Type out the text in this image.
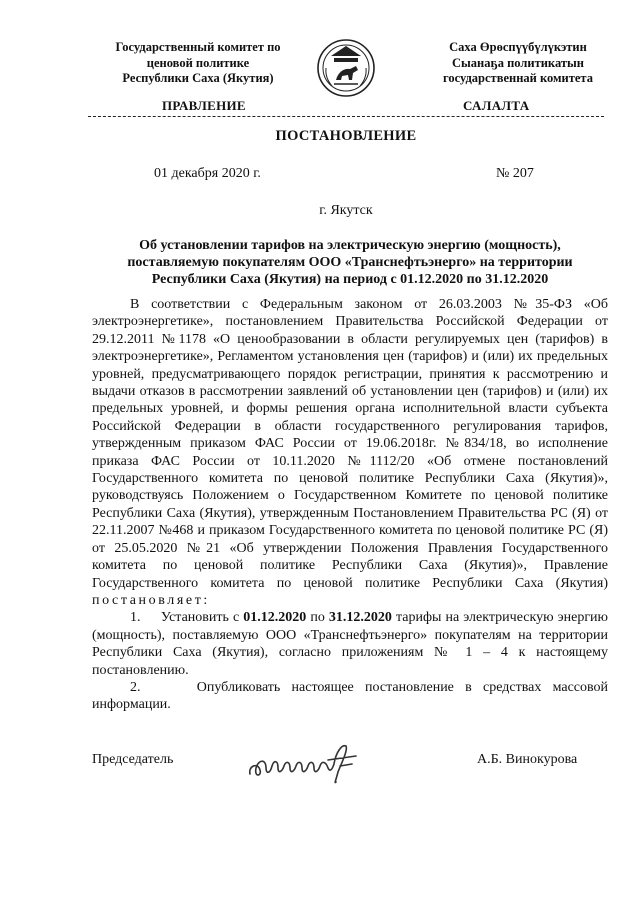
Государственный комитет по
ценовой политике
Республики Саха (Якутия)
Саха Өрөспүүбүлүкэтин
Сыанаҕа политикатын
государственнай комитета
ПРАВЛЕНИЕ	САЛАЛТА
ПОСТАНОВЛЕНИЕ
01 декабря 2020 г.	№ 207
г. Якутск
Об установлении тарифов на электрическую энергию (мощность), поставляемую покупателям ООО «Транснефтьэнерго» на территории Республики Саха (Якутия) на период с 01.12.2020 по 31.12.2020

В соответствии с Федеральным законом от 26.03.2003 №35-ФЗ «Об электроэнергетике», постановлением Правительства Российской Федерации от 29.12.2011 №1178 «О ценообразовании в области регулируемых цен (тарифов) в электроэнергетике», Регламентом установления цен (тарифов) и (или) их предельных уровней, предусматривающего порядок регистрации, принятия к рассмотрению и выдачи отказов в рассмотрении заявлений об установлении цен (тарифов) и (или) их предельных уровней, и формы решения органа исполнительной власти субъекта Российской Федерации в области государственного регулирования тарифов, утвержденным приказом ФАС России от 19.06.2018г. №834/18, во исполнение приказа ФАС России от 10.11.2020 №1112/20 «Об отмене постановлений Государственного комитета по ценовой политике Республики Саха (Якутия)», руководствуясь Положением о Государственном Комитете по ценовой политике Республики Саха (Якутия), утвержденным Постановлением Правительства РС (Я) от 22.11.2007 №468 и приказом Государственного комитета по ценовой политике РС (Я) от 25.05.2020 №21 «Об утверждении Положения Правления Государственного комитета по ценовой политике Республики Саха (Якутия)», Правление Государственного комитета по ценовой политике Республики Саха (Якутия) постановляет:

1. Установить с 01.12.2020 по 31.12.2020 тарифы на электрическую энергию (мощность), поставляемую ООО «Транснефтьэнерго» покупателям на территории Республики Саха (Якутия), согласно приложениям № 1 – 4 к настоящему постановлению.

2.	Опубликовать настоящее постановление в средствах массовой информации.

Председатель	А.Б. Винокурова
